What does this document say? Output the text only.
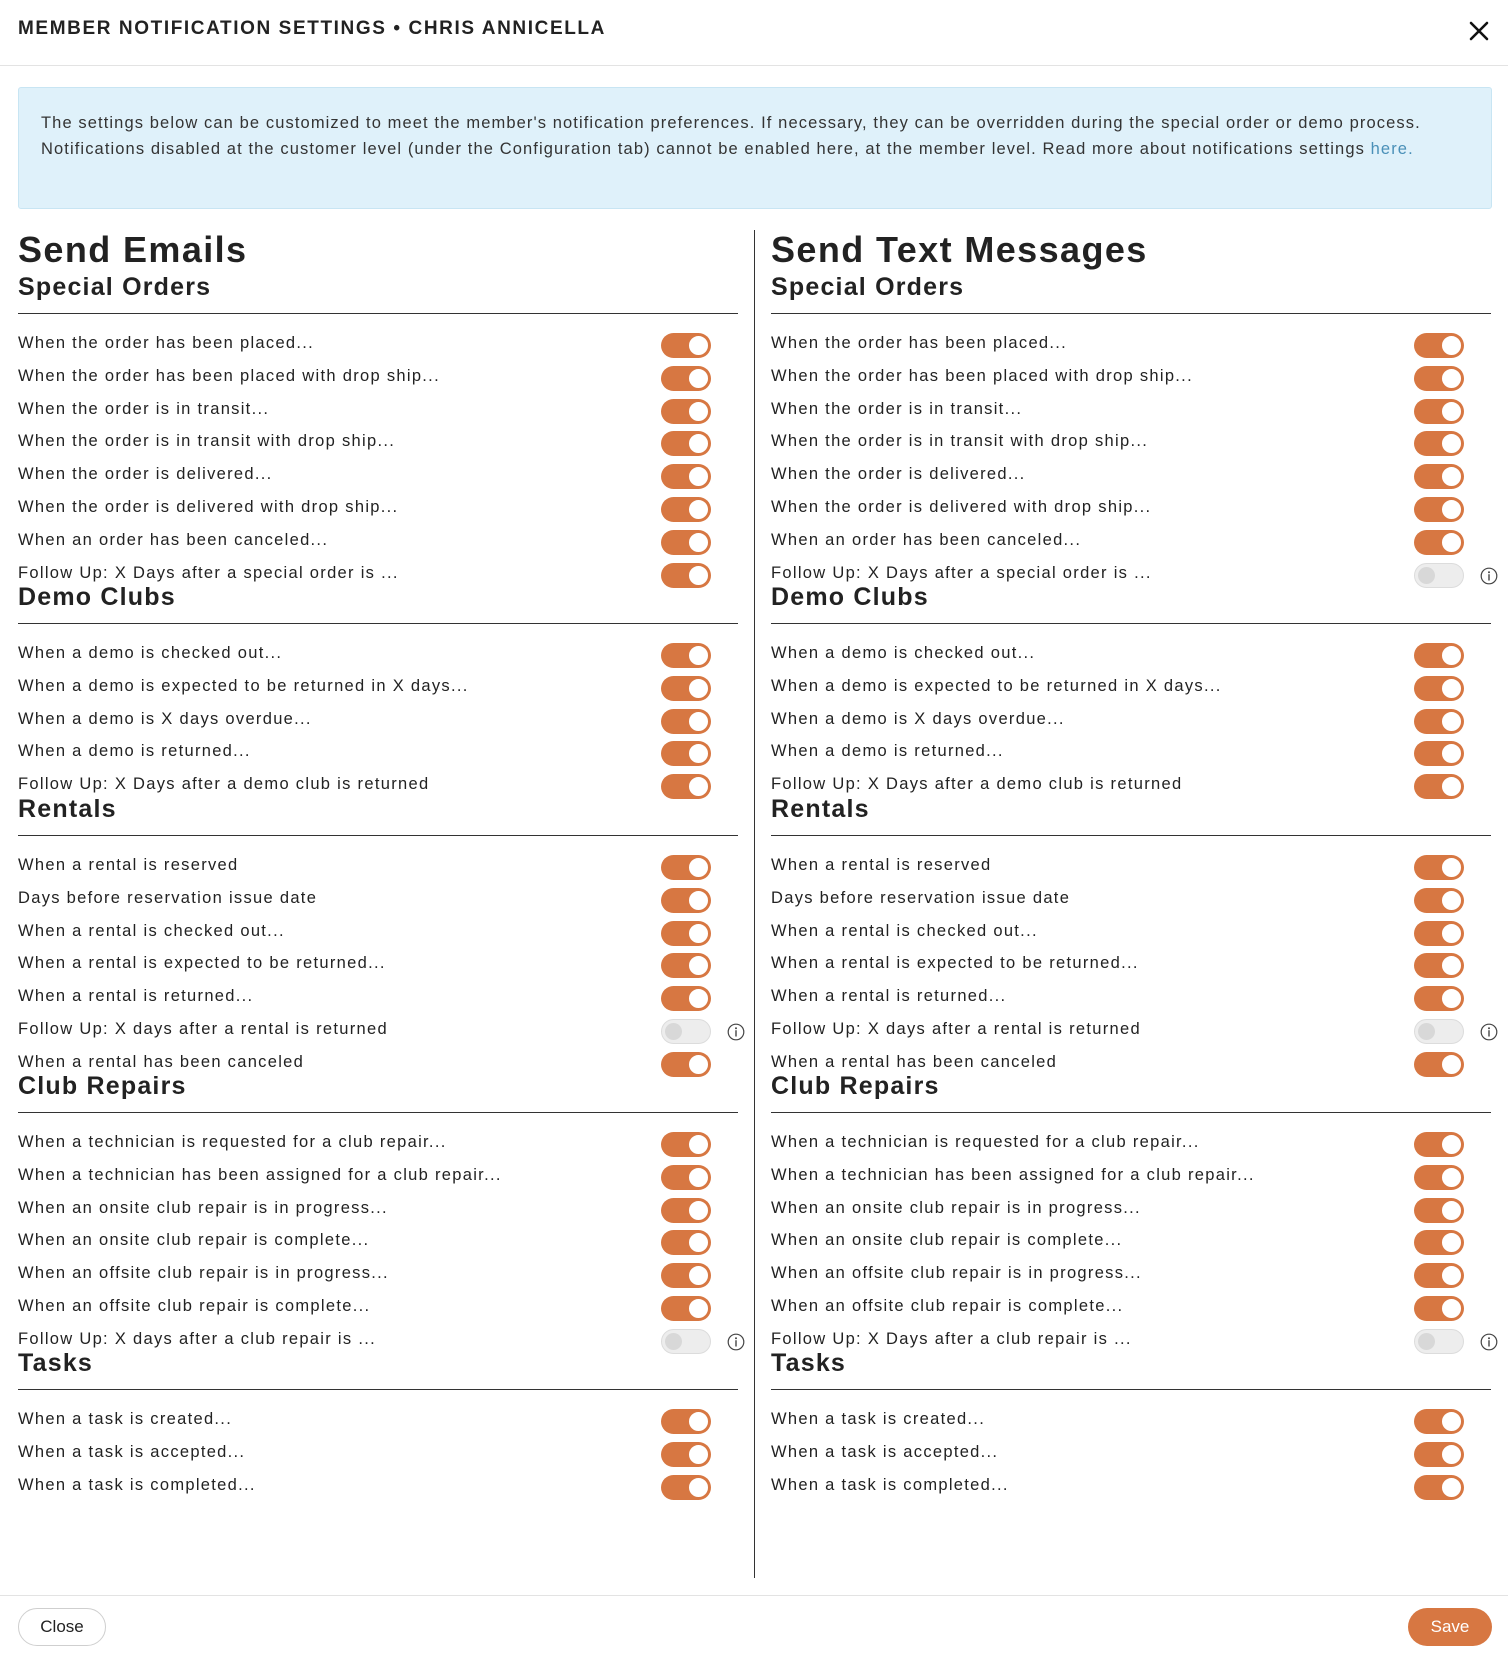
MEMBER NOTIFICATION SETTINGS • CHRIS ANNICELLA
The settings below can be customized to meet the member's notification preferences. If necessary, they can be overridden during the special order or demo process. Notifications disabled at the customer level (under the Configuration tab) cannot be enabled here, at the member level. Read more about notifications settings here.
Send Emails
Special Orders
When the order has been placed...
When the order has been placed with drop ship...
When the order is in transit...
When the order is in transit with drop ship...
When the order is delivered...
When the order is delivered with drop ship...
When an order has been canceled...
Follow Up: X Days after a special order is ...
Demo Clubs
When a demo is checked out...
When a demo is expected to be returned in X days...
When a demo is X days overdue...
When a demo is returned...
Follow Up: X Days after a demo club is returned
Rentals
When a rental is reserved
Days before reservation issue date
When a rental is checked out...
When a rental is expected to be returned...
When a rental is returned...
Follow Up: X days after a rental is returned
When a rental has been canceled
Club Repairs
When a technician is requested for a club repair...
When a technician has been assigned for a club repair...
When an onsite club repair is in progress...
When an onsite club repair is complete...
When an offsite club repair is in progress...
When an offsite club repair is complete...
Follow Up: X days after a club repair is ...
Tasks
When a task is created...
When a task is accepted...
When a task is completed...
Send Text Messages
Special Orders
When the order has been placed...
When the order has been placed with drop ship...
When the order is in transit...
When the order is in transit with drop ship...
When the order is delivered...
When the order is delivered with drop ship...
When an order has been canceled...
Follow Up: X Days after a special order is ...
Demo Clubs
When a demo is checked out...
When a demo is expected to be returned in X days...
When a demo is X days overdue...
When a demo is returned...
Follow Up: X Days after a demo club is returned
Rentals
When a rental is reserved
Days before reservation issue date
When a rental is checked out...
When a rental is expected to be returned...
When a rental is returned...
Follow Up: X days after a rental is returned
When a rental has been canceled
Club Repairs
When a technician is requested for a club repair...
When a technician has been assigned for a club repair...
When an onsite club repair is in progress...
When an onsite club repair is complete...
When an offsite club repair is in progress...
When an offsite club repair is complete...
Follow Up: X Days after a club repair is ...
Tasks
When a task is created...
When a task is accepted...
When a task is completed...
Close	Save
